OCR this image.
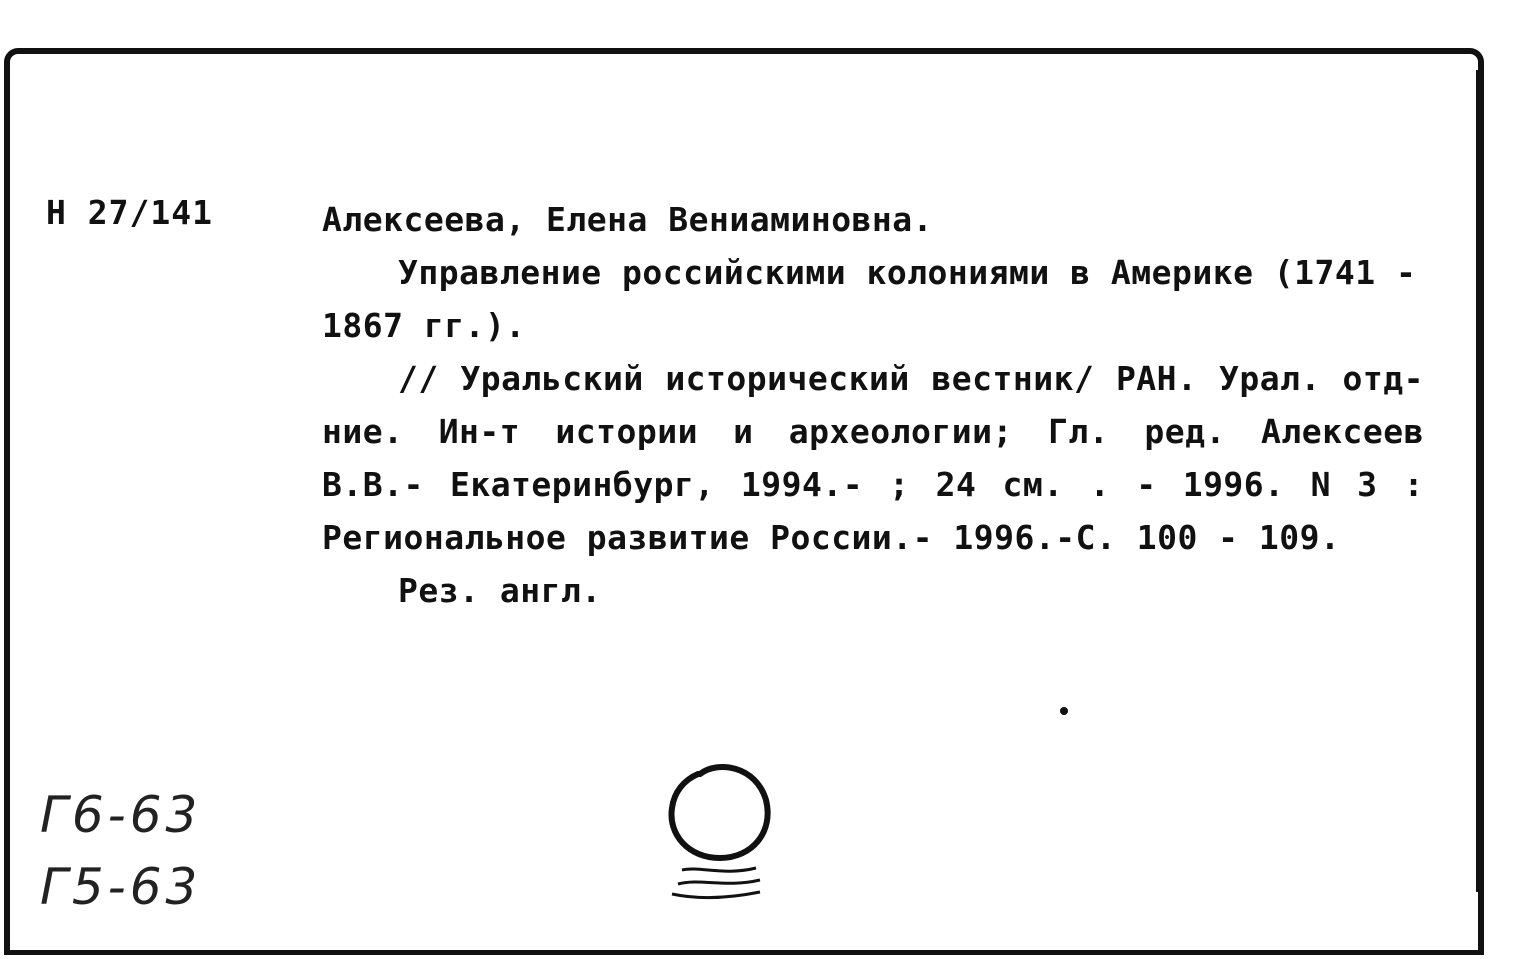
Н 27/141	Алексеева, Елена Вениаминовна.

Управление российскими колониями в Америке (1741 - 1867 гг.).

// Уральский исторический вестник/ РАН. Урал. отд-ние. Ин-т истории и археологии; Гл. ред. Алексеев В.В.- Екатеринбург, 1994.- ; 24 см. . - 1996. N 3 : Региональное развитие России.- 1996.-С. 100 - 109.

Рез. англ.

Г6-63
Г5-63
